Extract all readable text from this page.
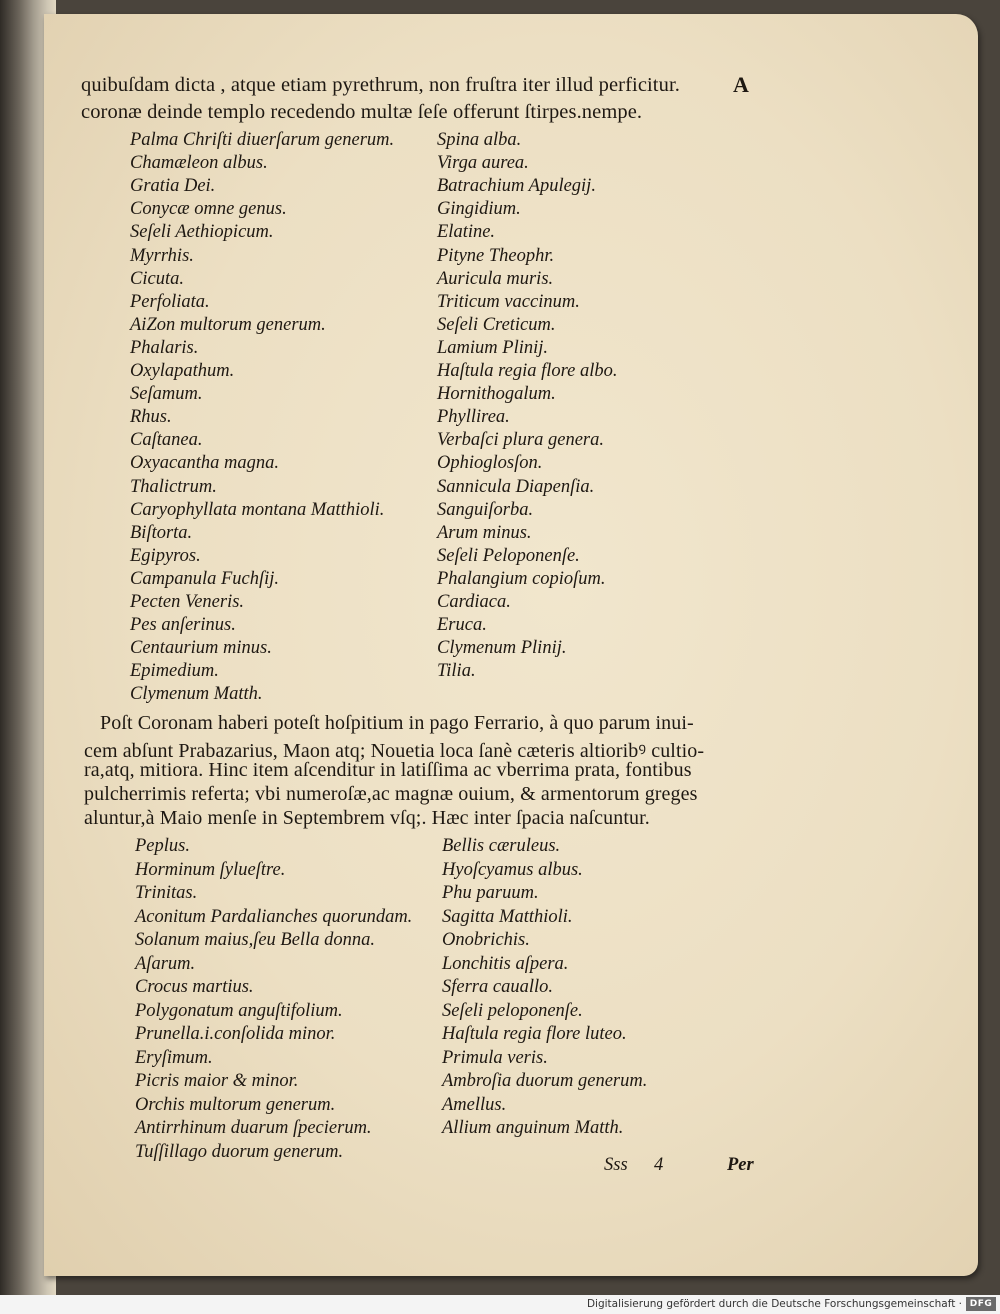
quibuſdam dicta , atque etiam pyrethrum, non fruſtra iter illud perficitur. A
coronæ deinde templo recedendo multæ ſeſe offerunt ſtirpes.nempe.
Palma Chriſti diuerſarum generum.
Chamæleon albus.
Gratia Dei.
Conycæ omne genus.
Seſeli Aethiopicum.
Myrrhis.
Cicuta.
Perfoliata.
AiZon multorum generum.
Phalaris.
Oxylapathum.
Seſamum.
Rhus.
Caſtanea.
Oxyacantha magna.
Thalictrum.
Caryophyllata montana Matthioli.
Biſtorta.
Egipyros.
Campanula Fuchſij.
Pecten Veneris.
Pes anſerinus.
Centaurium minus.
Epimedium.
Clymenum Matth.
Spina alba.
Virga aurea.
Batrachium Apulegij.
Gingidium.
Elatine.
Pityne Theophr.
Auricula muris.
Triticum vaccinum.
Seſeli Creticum.
Lamium Plinij.
Haſtula regia flore albo.
Hornithogalum.
Phyllirea.
Verbaſci plura genera.
Ophioglosſon.
Sannicula Diapenſia.
Sanguiſorba.
Arum minus.
Seſeli Peloponenſe.
Phalangium copioſum.
Cardiaca.
Eruca.
Clymenum Plinij.
Tilia.
Poſt Coronam haberi poteſt hoſpitium in pago Ferrario, à quo parum inui-
cem abſunt Prabazarius, Maon atq; Nouetia loca ſanè cæteris altioribꝰ cultio-
ra,atq, mitiora. Hinc item aſcenditur in latiſſima ac vberrima prata, fontibus
pulcherrimis referta; vbi numeroſæ,ac magnæ ouium, & armentorum greges
aluntur,à Maio menſe in Septembrem vſq;. Hæc inter ſpacia naſcuntur.
Peplus.
Horminum ſylueſtre.
Trinitas.
Aconitum Pardalianches quorundam.
Solanum maius,ſeu Bella donna.
Aſarum.
Crocus martius.
Polygonatum anguſtifolium.
Prunella.i.conſolida minor.
Eryſimum.
Picris maior & minor.
Orchis multorum generum.
Antirrhinum duarum ſpecierum.
Tuſſillago duorum generum.
Bellis cæruleus.
Hyoſcyamus albus.
Phu paruum.
Sagitta Matthioli.
Onobrichis.
Lonchitis aſpera.
Sferra cauallo.
Seſeli peloponenſe.
Haſtula regia flore luteo.
Primula veris.
Ambroſia duorum generum.
Amellus.
Allium anguinum Matth.
Sss 4	Per
Digitalisierung gefördert durch die Deutsche Forschungsgemeinschaft · DFG
